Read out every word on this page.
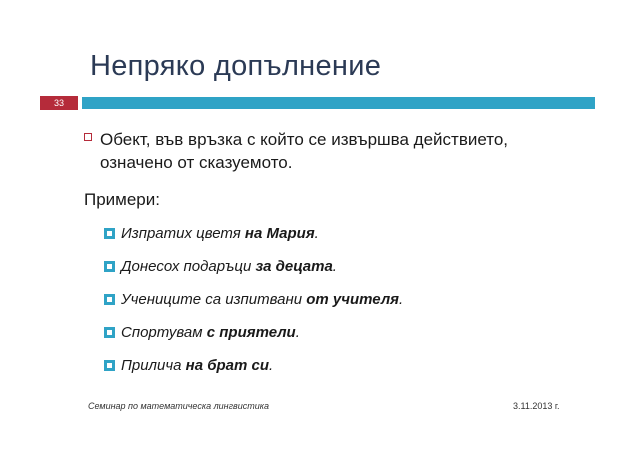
Непряко допълнение
33
Обект, във връзка с който се извършва действието, означено от сказуемото.
Примери:
Изпратих цветя на Мария.
Донесох подаръци за децата.
Учениците са изпитвани от учителя.
Спортувам с приятели.
Прилича на брат си.
Семинар по математическа лингвистика	3.11.2013 г.
